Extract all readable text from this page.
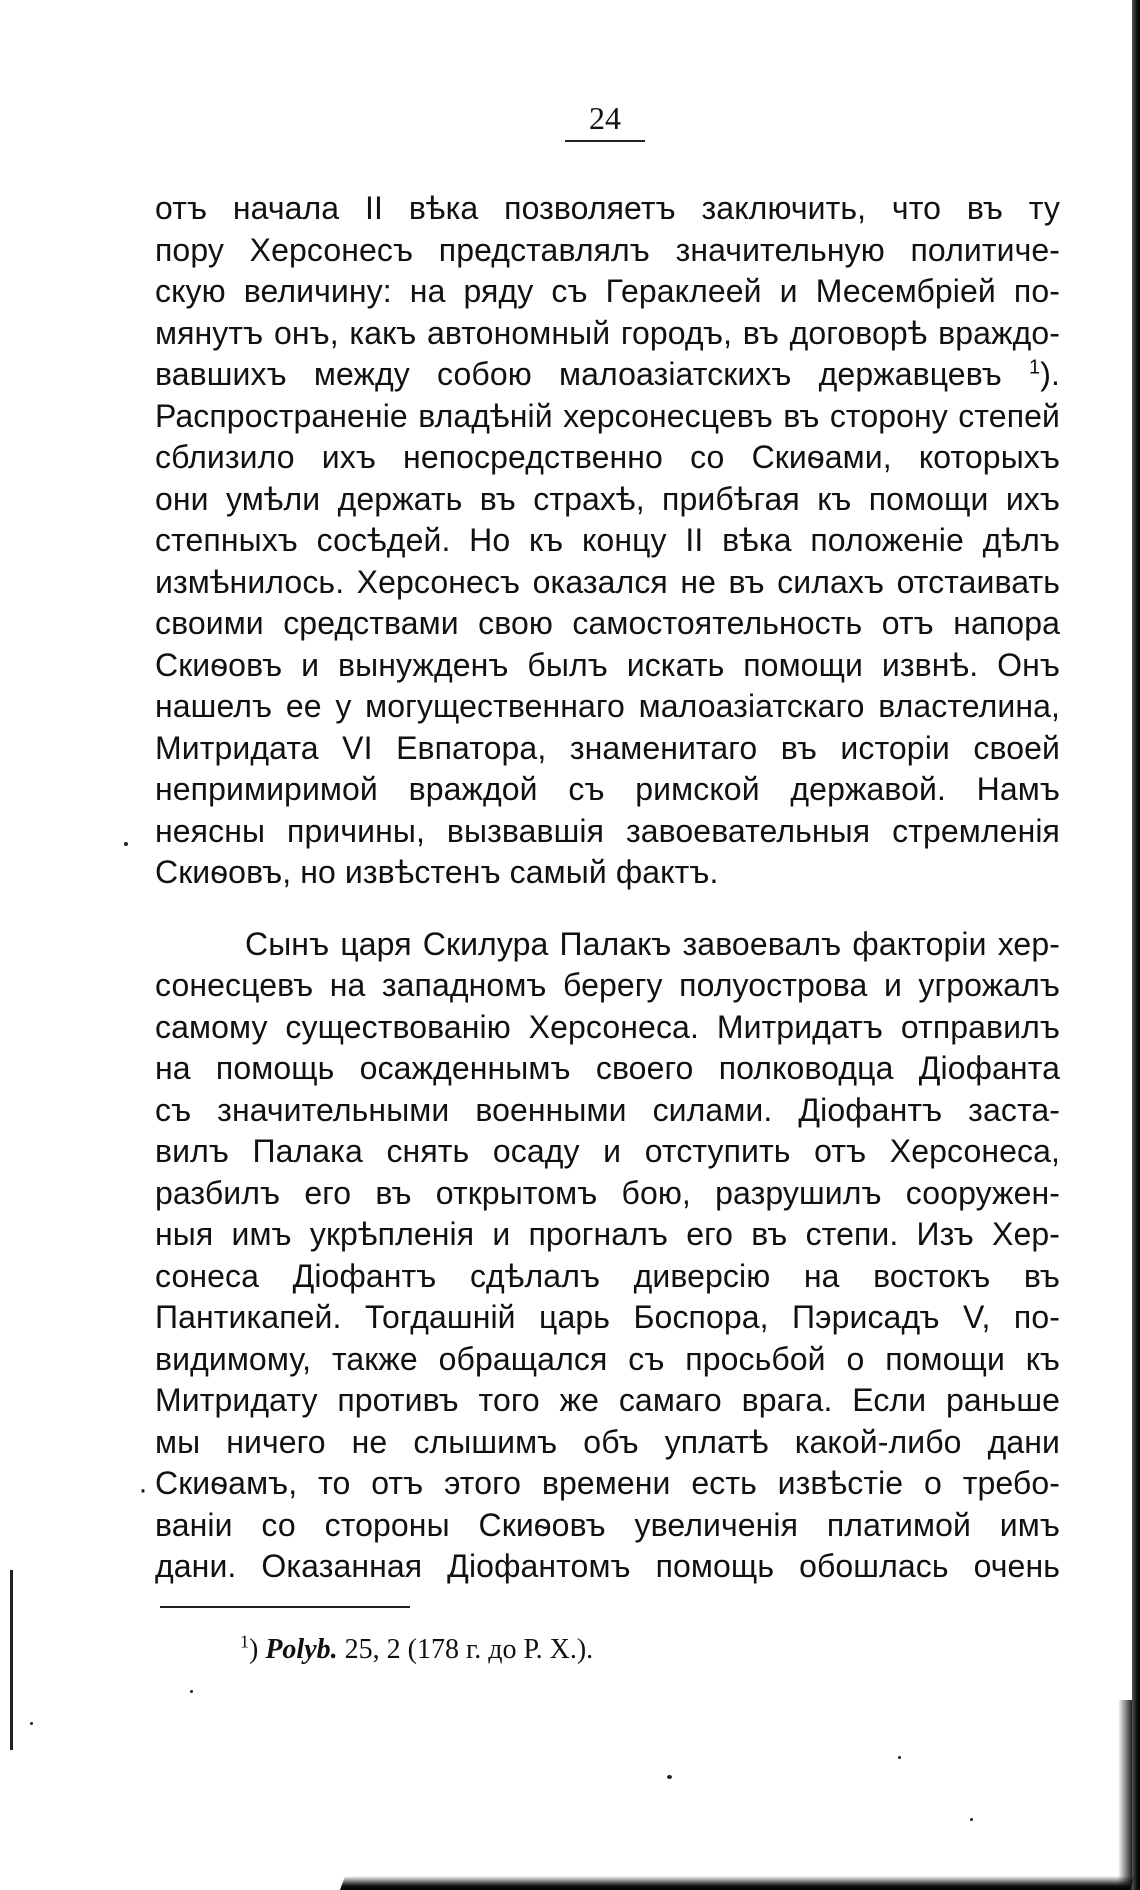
24
отъ начала II вѣка позволяетъ заключить, что въ ту
пору Херсонесъ представлялъ значительную политиче-
скую величину: на ряду съ Гераклеей и Месембріей по-
мянутъ онъ, какъ автономный городъ, въ договорѣ враждо-
вавшихъ между собою малоазіатскихъ державцевъ $^1$).
Распространеніе владѣній херсонесцевъ въ сторону степей
сблизило ихъ непосредственно со Скиѳами, которыхъ
они умѣли держать въ страхѣ, прибѣгая къ помощи ихъ
степныхъ сосѣдей. Но къ концу II вѣка положеніе дѣлъ
измѣнилось. Херсонесъ оказался не въ силахъ отстаивать
своими средствами свою самостоятельность отъ напора
Скиѳовъ и вынужденъ былъ искать помощи извнѣ. Онъ
нашелъ ее у могущественнаго малоазіатскаго властелина,
Митридата VI Евпатора, знаменитаго въ исторіи своей
непримиримой враждой съ римской державой. Намъ
неясны причины, вызвавшія завоевательныя стремленія
Скиѳовъ, но извѣстенъ самый фактъ.
Сынъ царя Скилура Палакъ завоевалъ факторіи хер-
сонесцевъ на западномъ берегу полуострова и угрожалъ
самому существованію Херсонеса. Митридатъ отправилъ
на помощь осажденнымъ своего полководца Діофанта
съ значительными военными силами. Діофантъ заста-
вилъ Палака снять осаду и отступить отъ Херсонеса,
разбилъ его въ открытомъ бою, разрушилъ сооружен-
ныя имъ укрѣпленія и прогналъ его въ степи. Изъ Хер-
сонеса Діофантъ сдѣлалъ диверсію на востокъ въ
Пантикапей. Тогдашній царь Боспора, Пэрисадъ V, по-
видимому, также обращался съ просьбой о помощи къ
Митридату противъ того же самаго врага. Если раньше
мы ничего не слышимъ объ уплатѣ какой-либо дани
Скиѳамъ, то отъ этого времени есть извѣстіе о требо-
ваніи со стороны Скиѳовъ увеличенія платимой имъ
дани. Оказанная Діофантомъ помощь обошлась очень
·
$^1$) Polyb. 25, 2 (178 г. до Р. Х.).
